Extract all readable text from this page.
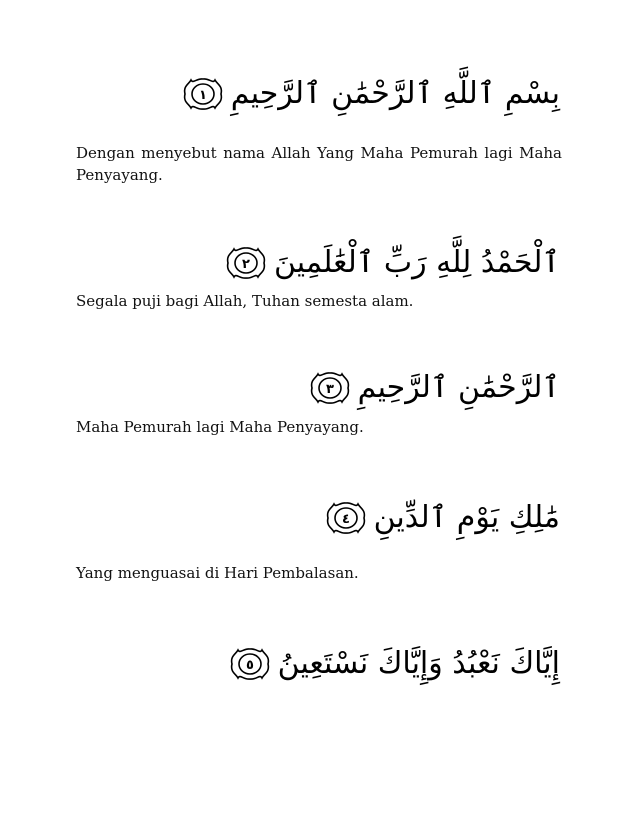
بِسْمِ ٱللَّهِ ٱلرَّحْمَٰنِ ٱلرَّحِيمِ
١

Dengan menyebut nama Allah Yang Maha Pemurah lagi Maha Penyayang.

ٱلْحَمْدُ لِلَّهِ رَبِّ ٱلْعَٰلَمِينَ
٢

Segala puji bagi Allah, Tuhan semesta alam.

ٱلرَّحْمَٰنِ ٱلرَّحِيمِ
٣

Maha Pemurah lagi Maha Penyayang.

مَٰلِكِ يَوْمِ ٱلدِّينِ
٤

Yang menguasai di Hari Pembalasan.

إِيَّاكَ نَعْبُدُ وَإِيَّاكَ نَسْتَعِينُ
٥
